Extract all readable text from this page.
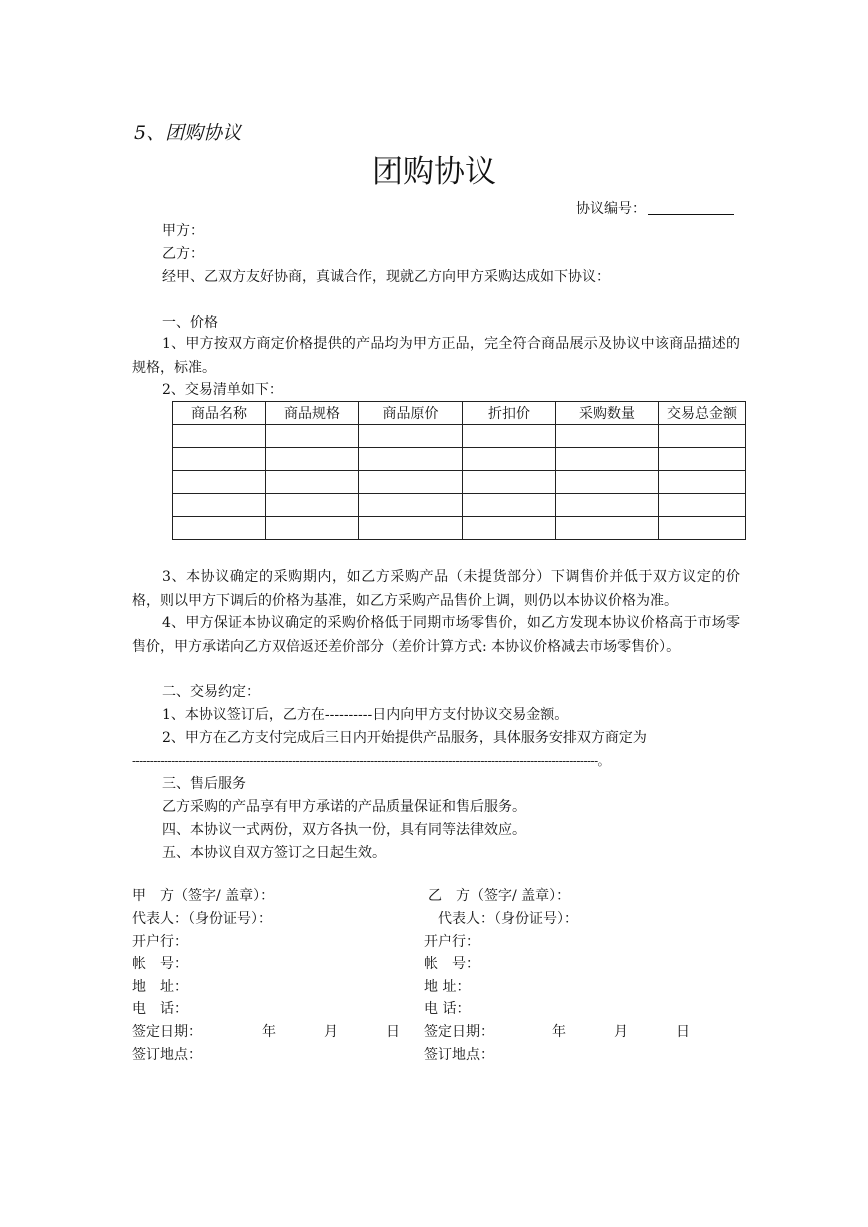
5、团购协议
团购协议
协议编号：
甲方：
乙方：
经甲、乙双方友好协商，真诚合作，现就乙方向甲方采购达成如下协议：
一、价格
1、甲方按双方商定价格提供的产品均为甲方正品，完全符合商品展示及协议中该商品描述的规格，标准。
2、交易清单如下：
商品名称	商品规格	商品原价	折扣价	采购数量	交易总金额

3、本协议确定的采购期内，如乙方采购产品（未提货部分）下调售价并低于双方议定的价格，则以甲方下调后的价格为基准，如乙方采购产品售价上调，则仍以本协议价格为准。
4、甲方保证本协议确定的采购价格低于同期市场零售价，如乙方发现本协议价格高于市场零售价，甲方承诺向乙方双倍返还差价部分（差价计算方式: 本协议价格减去市场零售价）。
二、交易约定：
1、本协议签订后，乙方在----------日内向甲方支付协议交易金额。
2、甲方在乙方支付完成后三日内开始提供产品服务，具体服务安排双方商定为
-----------------------------------------------------------------------------------------------------------------------------------。
三、售后服务
乙方采购的产品享有甲方承诺的产品质量保证和售后服务。
四、本协议一式两份，双方各执一份，具有同等法律效应。
五、本协议自双方签订之日起生效。
甲　方（签字/ 盖章）：
代表人：（身份证号）：
开户行：
帐　号：
地　址：
电　话：
签定日期：	年	月	日
签订地点：
乙　方（签字/ 盖章）：
代表人：（身份证号）：
开户行：
帐　号：
地 址：
电 话：
签定日期：	年	月	日
签订地点：
